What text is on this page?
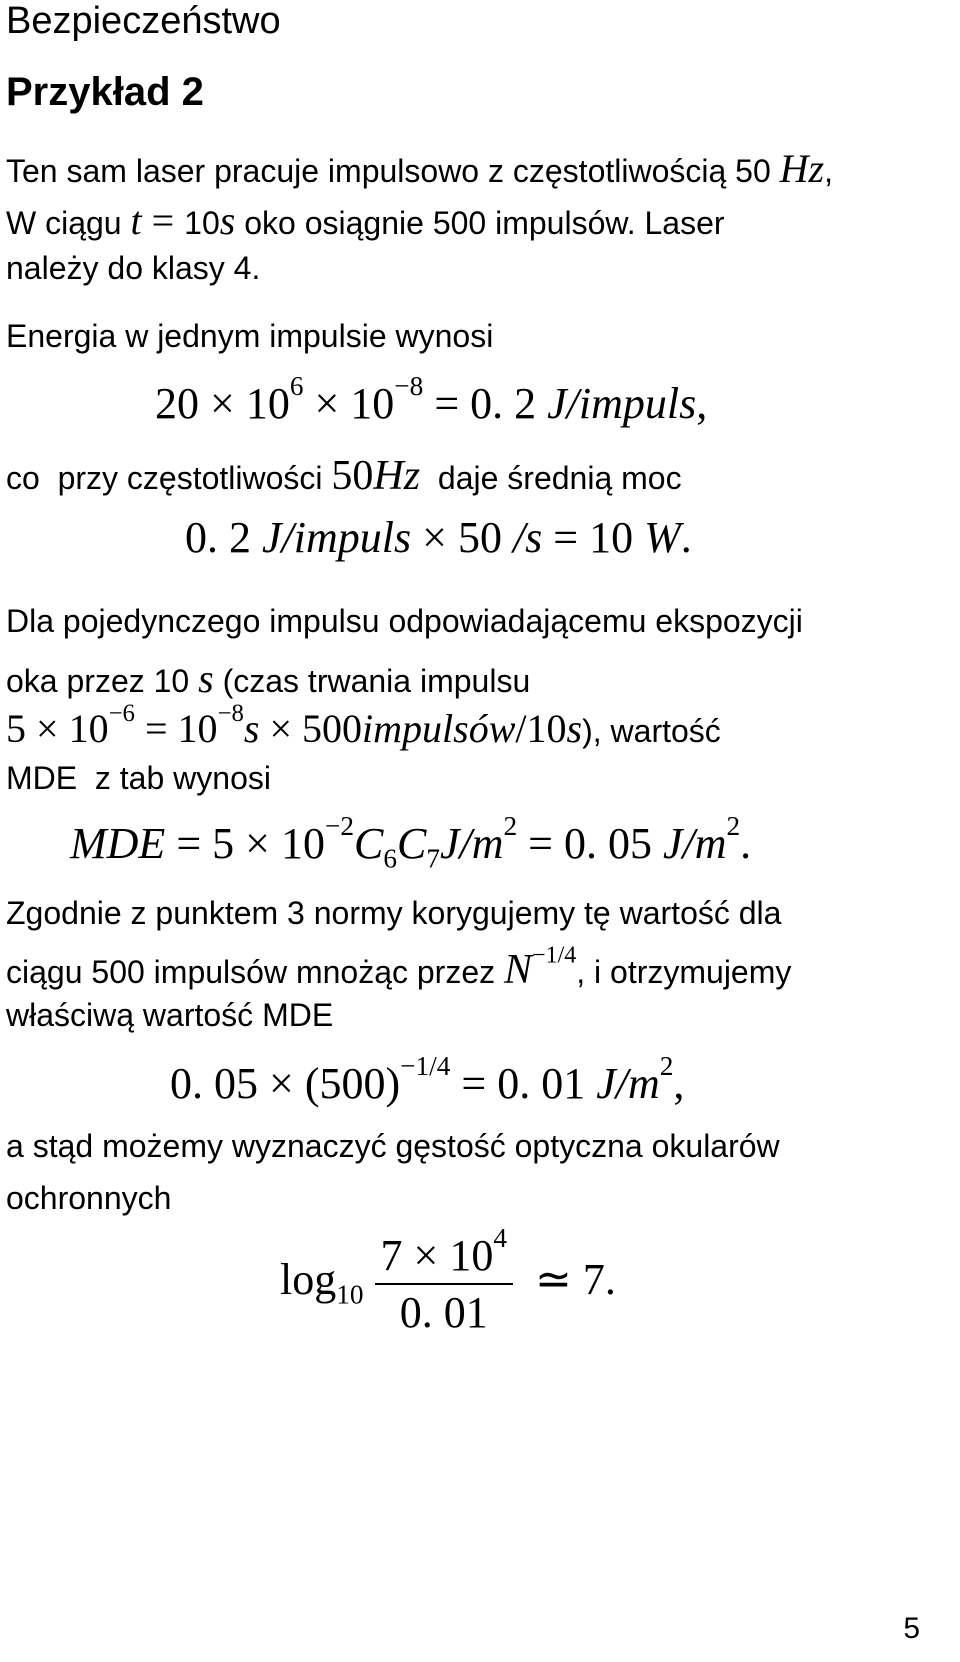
Bezpieczeństwo
Przykład 2
Ten sam laser pracuje impulsowo z częstotliwością 50 Hz,
W ciągu t = 10s oko osiągnie 500 impulsów. Laser
należy do klasy 4.
Energia w jednym impulsie wynosi
$20 \times 10^6 \times 10^{-8} = 0$. 2 J/impuls,
co  przy częstotliwości 50Hz  daje średnią moc
0. 2 J/impuls × 50 /s = 10 W.
Dla pojedynczego impulsu odpowiadającemu ekspozycji
oka przez 10 s (czas trwania impulsu
$5 \times 10^{-6} = 10^{-8}s$ × 500impulsów/10s), wartość
MDE  z tab wynosi
MDE = $5 \times 10^{-2}C_6C_7J/m^2 = 0$. 05 $J/m^2$.
Zgodnie z punktem 3 normy korygujemy tę wartość dla
ciągu 500 impulsów mnożąc przez $N^{-1/4}$, i otrzymujemy
właściwą wartość MDE
0. $05 \times (500)^{-1/4} = 0$. 01 $J/m^2$,
a stąd możemy wyznaczyć gęstość optyczna okularów
ochronnych
$\log_{10} \frac{7 \times 10^4}{0. 01}$ ≃ 7.
5
